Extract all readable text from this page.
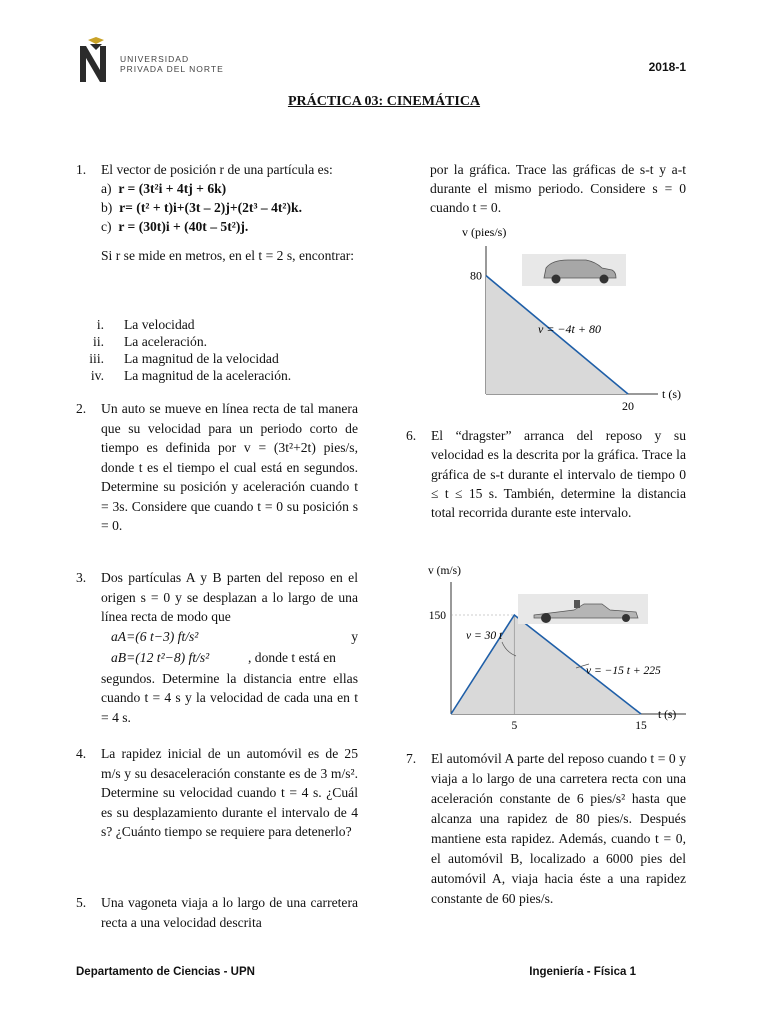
UNIVERSIDAD
PRIVADA DEL NORTE	2018-1
PRÁCTICA 03: CINEMÁTICA
1. El vector de posición r de una partícula es:
a) r = (3t²i + 4tj + 6k)
b) r= (t² + t)i+(3t – 2)j+(2t³ – 4t²)k.
c) r = (30t)i + (40t – 5t²)j.
Si r se mide en metros, en el t = 2 s, encontrar:
i. La velocidad
ii. La aceleración.
iii. La magnitud de la velocidad
iv. La magnitud de la aceleración.
2. Un auto se mueve en línea recta de tal manera que su velocidad para un periodo corto de tiempo es definida por v = (3t²+2t) pies/s, donde t es el tiempo el cual está en segundos. Determine su posición y aceleración cuando t = 3s. Considere que cuando t = 0 su posición s = 0.
3. Dos partículas A y B parten del reposo en el origen s = 0 y se desplazan a lo largo de una línea recta de modo que
aA=(6 t−3) ft/s²	y
aB=(12 t²−8) ft/s²	, donde t está en
segundos. Determine la distancia entre ellas cuando t = 4 s y la velocidad de cada una en t = 4 s.
4. La rapidez inicial de un automóvil es de 25 m/s y su desaceleración constante es de 3 m/s². Determine su velocidad cuando t = 4 s. ¿Cuál es su desplazamiento durante el intervalo de 4 s? ¿Cuánto tiempo se requiere para detenerlo?
5. Una vagoneta viaja a lo largo de una carretera recta a una velocidad descrita
por la gráfica. Trace las gráficas de s-t y a-t durante el mismo periodo. Considere s = 0 cuando t = 0.
v (pies/s)
80
20
t (s)
v = −4t + 80
6. El “dragster” arranca del reposo y su velocidad es la descrita por la gráfica. Trace la gráfica de s-t durante el intervalo de tiempo 0 ≤ t ≤ 15 s. También, determine la distancia total recorrida durante este intervalo.
v (m/s)
150
5	15
t (s)
v = 30 t
v = −15 t + 225
7. El automóvil A parte del reposo cuando t = 0 y viaja a lo largo de una carretera recta con una aceleración constante de 6 pies/s² hasta que alcanza una rapidez de 80 pies/s. Después mantiene esta rapidez. Además, cuando t = 0, el automóvil B, localizado a 6000 pies del automóvil A, viaja hacia éste a una rapidez constante de 60 pies/s.
Departamento de Ciencias - UPN	Ingeniería - Física 1
